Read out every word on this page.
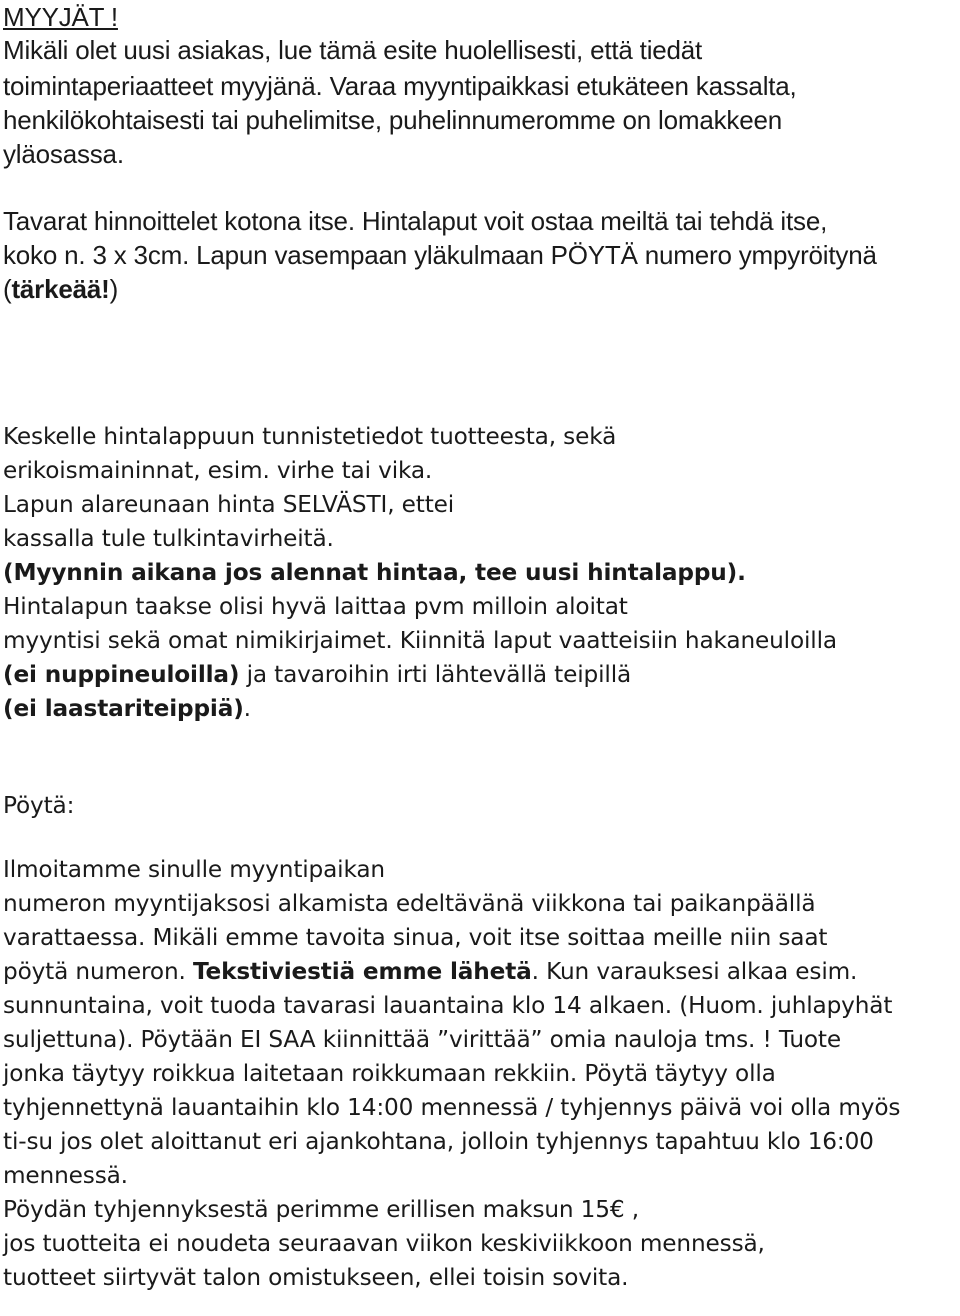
MYYJÄT !
Mikäli olet uusi asiakas, lue tämä esite huolellisesti, että tiedät
toimintaperiaatteet myyjänä. Varaa myyntipaikkasi etukäteen kassalta,
henkilökohtaisesti tai puhelimitse, puhelinnumeromme on lomakkeen
yläosassa.
Tavarat hinnoittelet kotona itse. Hintalaput voit ostaa meiltä tai tehdä itse,
koko n. 3 x 3cm. Lapun vasempaan yläkulmaan PÖYTÄ numero ympyröitynä
(tärkeää!)
Keskelle hintalappuun tunnistetiedot tuotteesta, sekä
erikoismaininnat, esim. virhe tai vika.
Lapun alareunaan hinta SELVÄSTI, ettei
kassalla tule tulkintavirheitä.
(Myynnin aikana jos alennat hintaa, tee uusi hintalappu).
Hintalapun taakse olisi hyvä laittaa pvm milloin aloitat
myyntisi sekä omat nimikirjaimet. Kiinnitä laput vaatteisiin hakaneuloilla
(ei nuppineuloilla) ja tavaroihin irti lähtevällä teipillä
(ei laastariteippiä).
Pöytä:
Ilmoitamme sinulle myyntipaikan
numeron myyntijaksosi alkamista edeltävänä viikkona tai paikanpäällä
varattaessa. Mikäli emme tavoita sinua, voit itse soittaa meille niin saat
pöytä numeron. Tekstiviestiä emme lähetä. Kun varauksesi alkaa esim.
sunnuntaina, voit tuoda tavarasi lauantaina klo 14 alkaen. (Huom. juhlapyhät
suljettuna). Pöytään EI SAA kiinnittää ”virittää” omia nauloja tms. ! Tuote
jonka täytyy roikkua laitetaan roikkumaan rekkiin. Pöytä täytyy olla
tyhjennettynä lauantaihin klo 14:00 mennessä / tyhjennys päivä voi olla myös
ti-su jos olet aloittanut eri ajankohtana, jolloin tyhjennys tapahtuu klo 16:00
mennessä.
Pöydän tyhjennyksestä perimme erillisen maksun 15€ ,
jos tuotteita ei noudeta seuraavan viikon keskiviikkoon mennessä,
tuotteet siirtyvät talon omistukseen, ellei toisin sovita.
